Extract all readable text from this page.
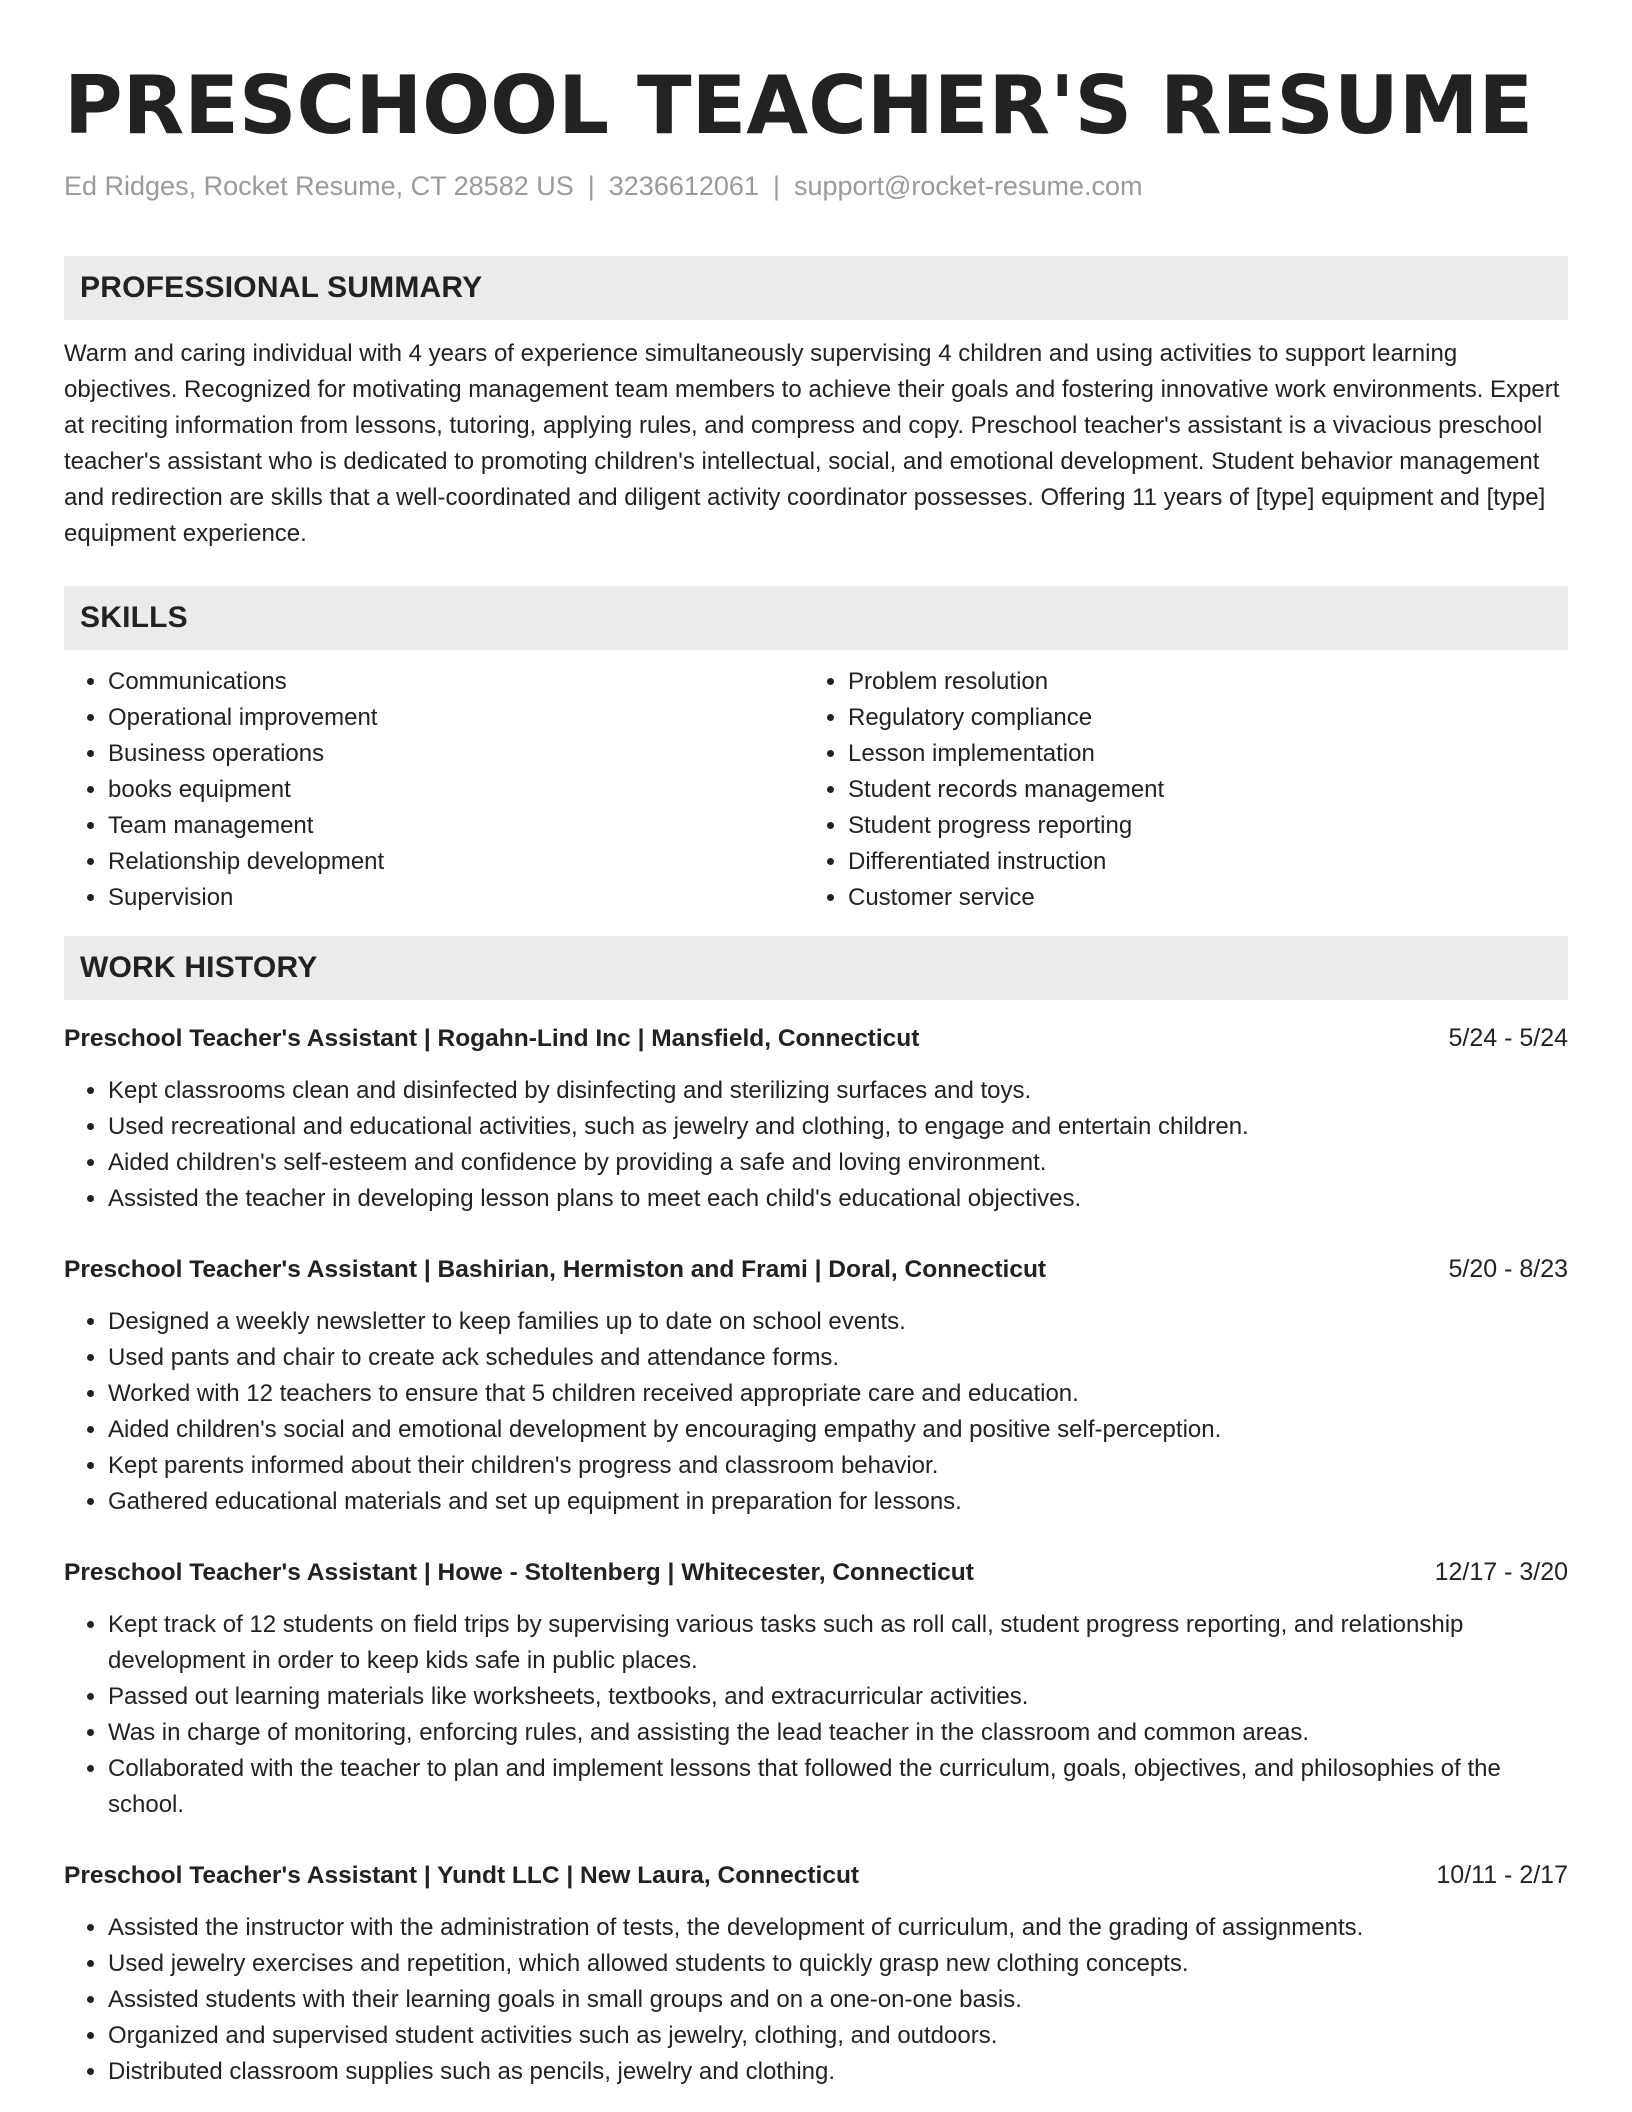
PRESCHOOL TEACHER'S RESUME
Ed Ridges, Rocket Resume, CT 28582 US | 3236612061 | support@rocket-resume.com
PROFESSIONAL SUMMARY

Warm and caring individual with 4 years of experience simultaneously supervising 4 children and using activities to support learning objectives. Recognized for motivating management team members to achieve their goals and fostering innovative work environments. Expert at reciting information from lessons, tutoring, applying rules, and compress and copy. Preschool teacher's assistant is a vivacious preschool teacher's assistant who is dedicated to promoting children's intellectual, social, and emotional development. Student behavior management and redirection are skills that a well-coordinated and diligent activity coordinator possesses. Offering 11 years of [type] equipment and [type] equipment experience.

SKILLS
• Communications
• Operational improvement
• Business operations
• books equipment
• Team management
• Relationship development
• Supervision
• Problem resolution
• Regulatory compliance
• Lesson implementation
• Student records management
• Student progress reporting
• Differentiated instruction
• Customer service
WORK HISTORY
Preschool Teacher's Assistant | Rogahn-Lind Inc | Mansfield, Connecticut	5/24 - 5/24
• Kept classrooms clean and disinfected by disinfecting and sterilizing surfaces and toys.
• Used recreational and educational activities, such as jewelry and clothing, to engage and entertain children.
• Aided children's self-esteem and confidence by providing a safe and loving environment.
• Assisted the teacher in developing lesson plans to meet each child's educational objectives.
Preschool Teacher's Assistant | Bashirian, Hermiston and Frami | Doral, Connecticut	5/20 - 8/23
• Designed a weekly newsletter to keep families up to date on school events.
• Used pants and chair to create ack schedules and attendance forms.
• Worked with 12 teachers to ensure that 5 children received appropriate care and education.
• Aided children's social and emotional development by encouraging empathy and positive self-perception.
• Kept parents informed about their children's progress and classroom behavior.
• Gathered educational materials and set up equipment in preparation for lessons.
Preschool Teacher's Assistant | Howe - Stoltenberg | Whitecester, Connecticut	12/17 - 3/20
• Kept track of 12 students on field trips by supervising various tasks such as roll call, student progress reporting, and relationship development in order to keep kids safe in public places.
• Passed out learning materials like worksheets, textbooks, and extracurricular activities.
• Was in charge of monitoring, enforcing rules, and assisting the lead teacher in the classroom and common areas.
• Collaborated with the teacher to plan and implement lessons that followed the curriculum, goals, objectives, and philosophies of the school.
Preschool Teacher's Assistant | Yundt LLC | New Laura, Connecticut	10/11 - 2/17
• Assisted the instructor with the administration of tests, the development of curriculum, and the grading of assignments.
• Used jewelry exercises and repetition, which allowed students to quickly grasp new clothing concepts.
• Assisted students with their learning goals in small groups and on a one-on-one basis.
• Organized and supervised student activities such as jewelry, clothing, and outdoors.
• Distributed classroom supplies such as pencils, jewelry and clothing.
